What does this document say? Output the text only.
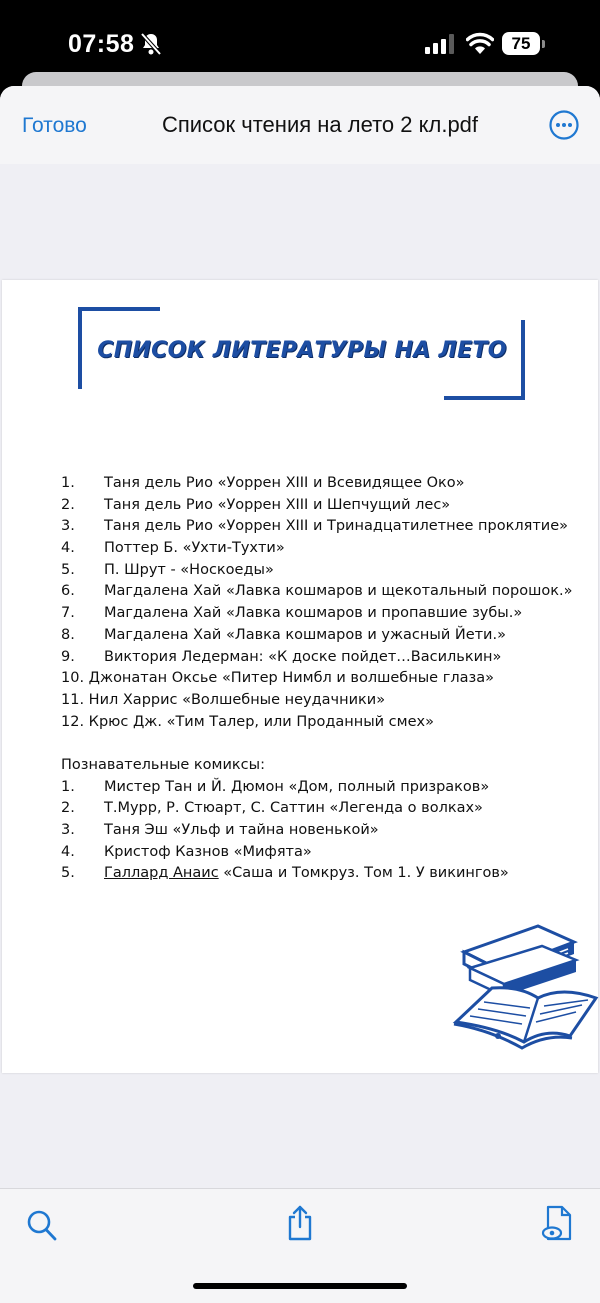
07:58	75
Готово	Список чтения на лето 2 кл.pdf
СПИСОК ЛИТЕРАТУРЫ НА ЛЕТО
1. Таня дель Рио «Уоррен XIII и Всевидящее Око»
2. Таня дель Рио «Уоррен XIII и Шепчущий лес»
3. Таня дель Рио «Уоррен XIII и Тринадцатилетнее проклятие»
4. Поттер Б. «Ухти-Тухти»
5. П. Шрут - «Носкоеды»
6. Магдалена Хай «Лавка кошмаров и щекотальный порошок.»
7. Магдалена Хай «Лавка кошмаров и пропавшие зубы.»
8. Магдалена Хай «Лавка кошмаров и ужасный Йети.»
9. Виктория Ледерман: «К доске пойдет…Василькин»
10. Джонатан Оксье «Питер Нимбл и волшебные глаза»
11. Нил Харрис «Волшебные неудачники»
12. Крюс Дж. «Тим Талер, или Проданный смех»
Познавательные комиксы:
1. Мистер Тан и Й. Дюмон «Дом, полный призраков»
2. Т.Мурр, Р. Стюарт, С. Саттин «Легенда о волках»
3. Таня Эш «Ульф и тайна новенькой»
4. Кристоф Казнов «Мифята»
5. Галлард Анаис «Саша и Томкруз. Том 1. У викингов»
